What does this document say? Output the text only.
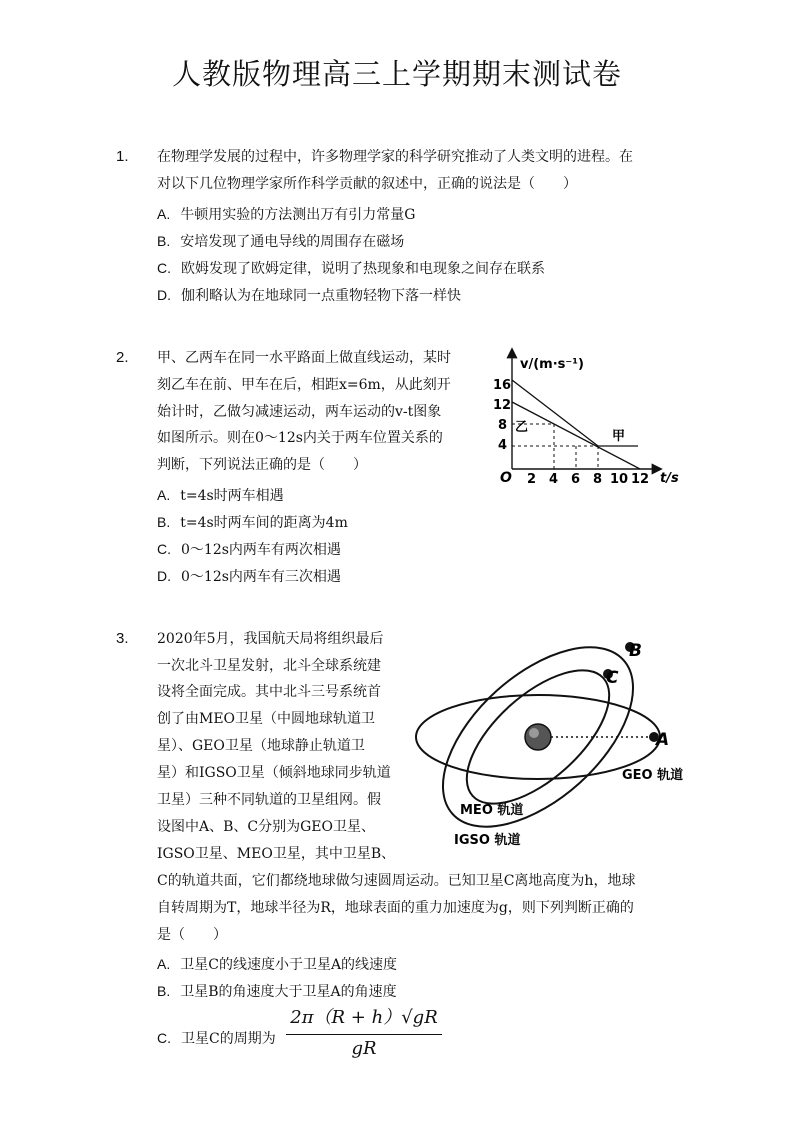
人教版物理高三上学期期末测试卷
1. 在物理学发展的过程中，许多物理学家的科学研究推动了人类文明的进程。在
对以下几位物理学家所作科学贡献的叙述中，正确的说法是（　　）
A. 牛顿用实验的方法测出万有引力常量G
B. 安培发现了通电导线的周围存在磁场
C. 欧姆发现了欧姆定律，说明了热现象和电现象之间存在联系
D. 伽利略认为在地球同一点重物轻物下落一样快
2. 甲、乙两车在同一水平路面上做直线运动，某时
刻乙车在前、甲车在后，相距x=6m，从此刻开
始计时，乙做匀减速运动，两车运动的v-t图象
如图所示。则在0～12s内关于两车位置关系的
判断，下列说法正确的是（　　）
A. t=4s时两车相遇
B. t=4s时两车间的距离为4m
C. 0～12s内两车有两次相遇
D. 0～12s内两车有三次相遇
v/(m·s⁻¹)
t/s
O
16
12
8
4
2 4 6 8 10 12
甲
乙
3. 2020年5月，我国航天局将组织最后
一次北斗卫星发射，北斗全球系统建
设将全面完成。其中北斗三号系统首
创了由MEO卫星（中圆地球轨道卫
星）、GEO卫星（地球静止轨道卫
星）和IGSO卫星（倾斜地球同步轨道
卫星）三种不同轨道的卫星组网。假
设图中A、B、C分别为GEO卫星、
IGSO卫星、MEO卫星，其中卫星B、
C的轨道共面，它们都绕地球做匀速圆周运动。已知卫星C离地高度为h，地球
自转周期为T，地球半径为R，地球表面的重力加速度为g，则下列判断正确的
是（　　）
A. 卫星C的线速度小于卫星A的线速度
B. 卫星B的角速度大于卫星A的角速度
C. 卫星C的周期为
2π（R + h）√gR
gR
A
B
C
GEO 轨道
MEO 轨道
IGSO 轨道
